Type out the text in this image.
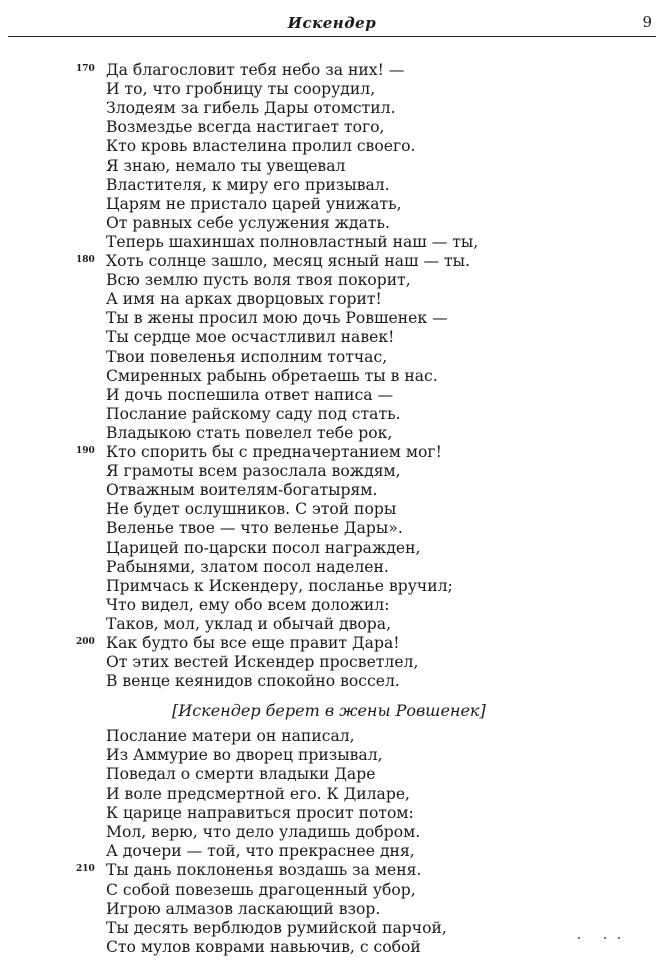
Искендер	9
Да благословит тебя небо за них! —
И то, что гробницу ты соорудил,
Злодеям за гибель Дары отомстил.
Возмездье всегда настигает того,
Кто кровь властелина пролил своего.
Я знаю, немало ты увещевал
Властителя, к миру его призывал.
Царям не пристало царей унижать,
От равных себе услужения ждать.
Теперь шахиншах полновластный наш — ты,
Хоть солнце зашло, месяц ясный наш — ты.
Всю землю пусть воля твоя покорит,
А имя на арках дворцовых горит!
Ты в жены просил мою дочь Ровшенек —
Ты сердце мое осчастливил навек!
Твои повеленья исполним тотчас,
Смиренных рабынь обретаешь ты в нас.
И дочь поспешила ответ написа —
Послание райскому саду под стать.
Владыкою стать повелел тебе рок,
Кто спорить бы с предначертанием мог!
Я грамоты всем разослала вождям,
Отважным воителям-богатырям.
Не будет ослушников. С этой поры
Веленье твое — что веленье Дары».
Царицей по-царски посол награжден,
Рабынями, златом посол наделен.
Примчась к Искендеру, посланье вручил;
Что видел, ему обо всем доложил:
Таков, мол, уклад и обычай двора,
Как будто бы все еще правит Дара!
От этих вестей Искендер просветлел,
В венце кеянидов спокойно воссел.
170
180
190
200
[Искендер берет в жены Ровшенек]
Послание матери он написал,
Из Аммурие во дворец призывал,
Поведал о смерти владыки Даре
И воле предсмертной его. К Диларе,
К царице направиться просит потом:
Мол, верю, что дело уладишь добром.
А дочери — той, что прекраснее дня,
Ты дань поклоненья воздашь за меня.
С собой повезешь драгоценный убор,
Игрою алмазов ласкающий взор.
Ты десять верблюдов румийской парчой,
Сто мулов коврами навьючив, с собой
210
